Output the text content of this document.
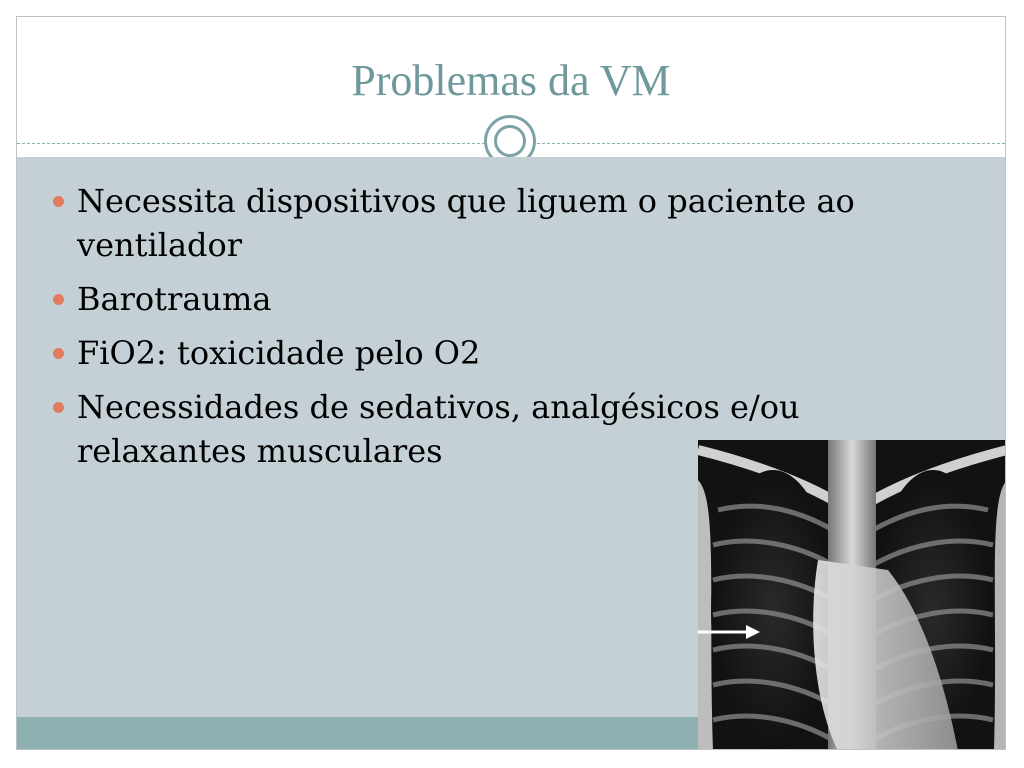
Problemas da VM
Necessita dispositivos que liguem o paciente ao ventilador
Barotrauma
FiO2: toxicidade pelo O2
Necessidades de sedativos, analgésicos e/ou relaxantes musculares
